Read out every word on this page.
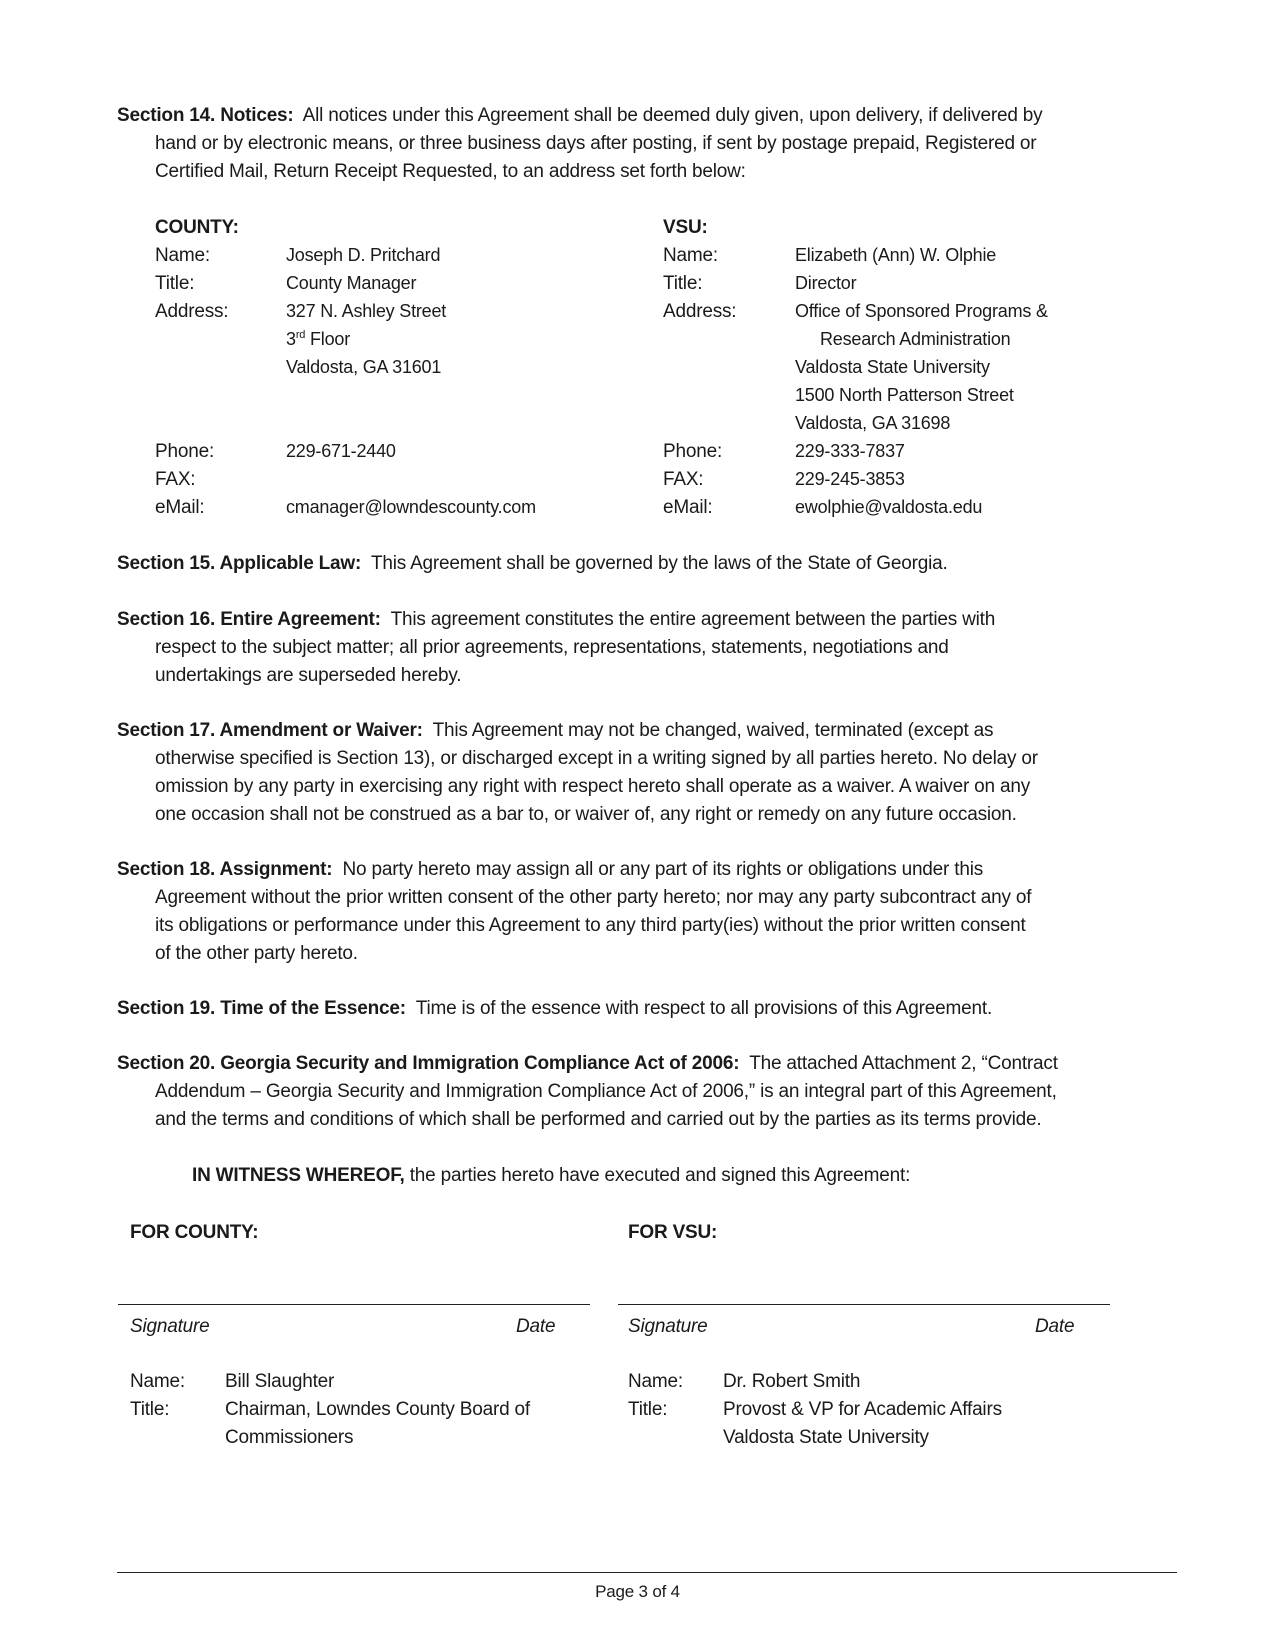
Section 14. Notices: All notices under this Agreement shall be deemed duly given, upon delivery, if delivered by

hand or by electronic means, or three business days after posting, if sent by postage prepaid, Registered or

Certified Mail, Return Receipt Requested, to an address set forth below:

COUNTY:
Name:	Joseph D. Pritchard
Title:	County Manager
Address:	327 N. Ashley Street
3rd Floor
Valdosta, GA 31601
Phone:	229-671-2440
FAX:
eMail:	cmanager@lowndescounty.com
VSU:
Name:	Elizabeth (Ann) W. Olphie
Title:	Director
Address:	Office of Sponsored Programs &
Research Administration
Valdosta State University
1500 North Patterson Street
Valdosta, GA 31698
Phone:	229-333-7837
FAX:	229-245-3853
eMail:	ewolphie@valdosta.edu

Section 15. Applicable Law: This Agreement shall be governed by the laws of the State of Georgia.

Section 16. Entire Agreement: This agreement constitutes the entire agreement between the parties with

respect to the subject matter; all prior agreements, representations, statements, negotiations and

undertakings are superseded hereby.

Section 17. Amendment or Waiver: This Agreement may not be changed, waived, terminated (except as

otherwise specified is Section 13), or discharged except in a writing signed by all parties hereto. No delay or

omission by any party in exercising any right with respect hereto shall operate as a waiver. A waiver on any

one occasion shall not be construed as a bar to, or waiver of, any right or remedy on any future occasion.

Section 18. Assignment: No party hereto may assign all or any part of its rights or obligations under this

Agreement without the prior written consent of the other party hereto; nor may any party subcontract any of

its obligations or performance under this Agreement to any third party(ies) without the prior written consent

of the other party hereto.

Section 19. Time of the Essence: Time is of the essence with respect to all provisions of this Agreement.

Section 20. Georgia Security and Immigration Compliance Act of 2006: The attached Attachment 2, “Contract

Addendum – Georgia Security and Immigration Compliance Act of 2006,” is an integral part of this Agreement,

and the terms and conditions of which shall be performed and carried out by the parties as its terms provide.

IN WITNESS WHEREOF, the parties hereto have executed and signed this Agreement:
FOR COUNTY:	FOR VSU:
Signature	Date	Signature	Date
Name: Bill Slaughter
Title:	Chairman, Lowndes County Board of
Commissioners
Name: Dr. Robert Smith
Title:	Provost & VP for Academic Affairs
Valdosta State University
Page 3 of 4
